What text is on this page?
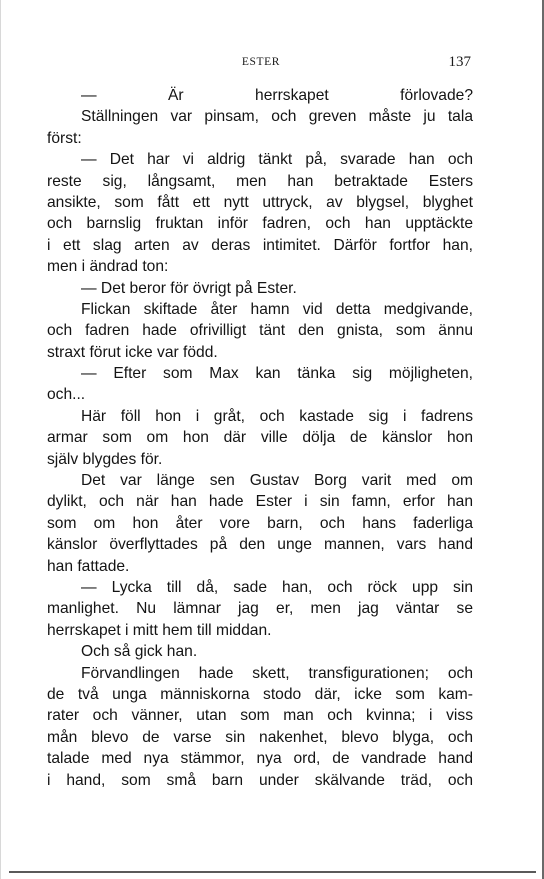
ESTER	137
— Är herrskapet förlovade?
Ställningen var pinsam, och greven måste ju tala
först:
— Det har vi aldrig tänkt på, svarade han och
reste sig, långsamt, men han betraktade Esters
ansikte, som fått ett nytt uttryck, av blygsel, blyghet
och barnslig fruktan inför fadren, och han upptäckte
i ett slag arten av deras intimitet. Därför fortfor han,
men i ändrad ton:
— Det beror för övrigt på Ester.
Flickan skiftade åter hamn vid detta medgivande,
och fadren hade ofrivilligt tänt den gnista, som ännu
straxt förut icke var född.
— Efter som Max kan tänka sig möjligheten,
och...
Här föll hon i gråt, och kastade sig i fadrens
armar som om hon där ville dölja de känslor hon
själv blygdes för.
Det var länge sen Gustav Borg varit med om
dylikt, och när han hade Ester i sin famn, erfor han
som om hon åter vore barn, och hans faderliga
känslor överflyttades på den unge mannen, vars hand
han fattade.
— Lycka till då, sade han, och röck upp sin
manlighet. Nu lämnar jag er, men jag väntar se
herrskapet i mitt hem till middan.
Och så gick han.
Förvandlingen hade skett, transfigurationen; och
de två unga människorna stodo där, icke som kam-
rater och vänner, utan som man och kvinna; i viss
mån blevo de varse sin nakenhet, blevo blyga, och
talade med nya stämmor, nya ord, de vandrade hand
i hand, som små barn under skälvande träd, och
